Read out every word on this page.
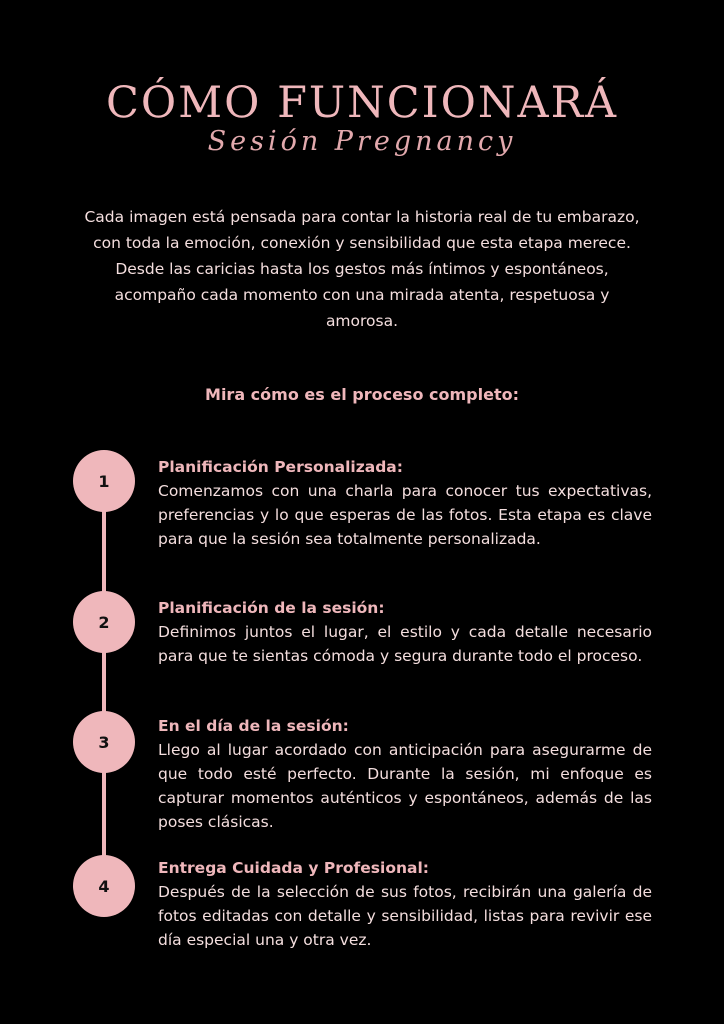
CÓMO FUNCIONARÁ
Sesión Pregnancy

Cada imagen está pensada para contar la historia real de tu embarazo, con toda la emoción, conexión y sensibilidad que esta etapa merece. Desde las caricias hasta los gestos más íntimos y espontáneos, acompaño cada momento con una mirada atenta, respetuosa y amorosa.

Mira cómo es el proceso completo:
1

Planificación Personalizada:

Comenzamos con una charla para conocer tus expectativas, preferencias y lo que esperas de las fotos. Esta etapa es clave para que la sesión sea totalmente personalizada.

2

Planificación de la sesión:

Definimos juntos el lugar, el estilo y cada detalle necesario para que te sientas cómoda y segura durante todo el proceso.

3

En el día de la sesión:

Llego al lugar acordado con anticipación para asegurarme de que todo esté perfecto. Durante la sesión, mi enfoque es capturar momentos auténticos y espontáneos, además de las poses clásicas.

4

Entrega Cuidada y Profesional:

Después de la selección de sus fotos, recibirán una galería de fotos editadas con detalle y sensibilidad, listas para revivir ese día especial una y otra vez.
